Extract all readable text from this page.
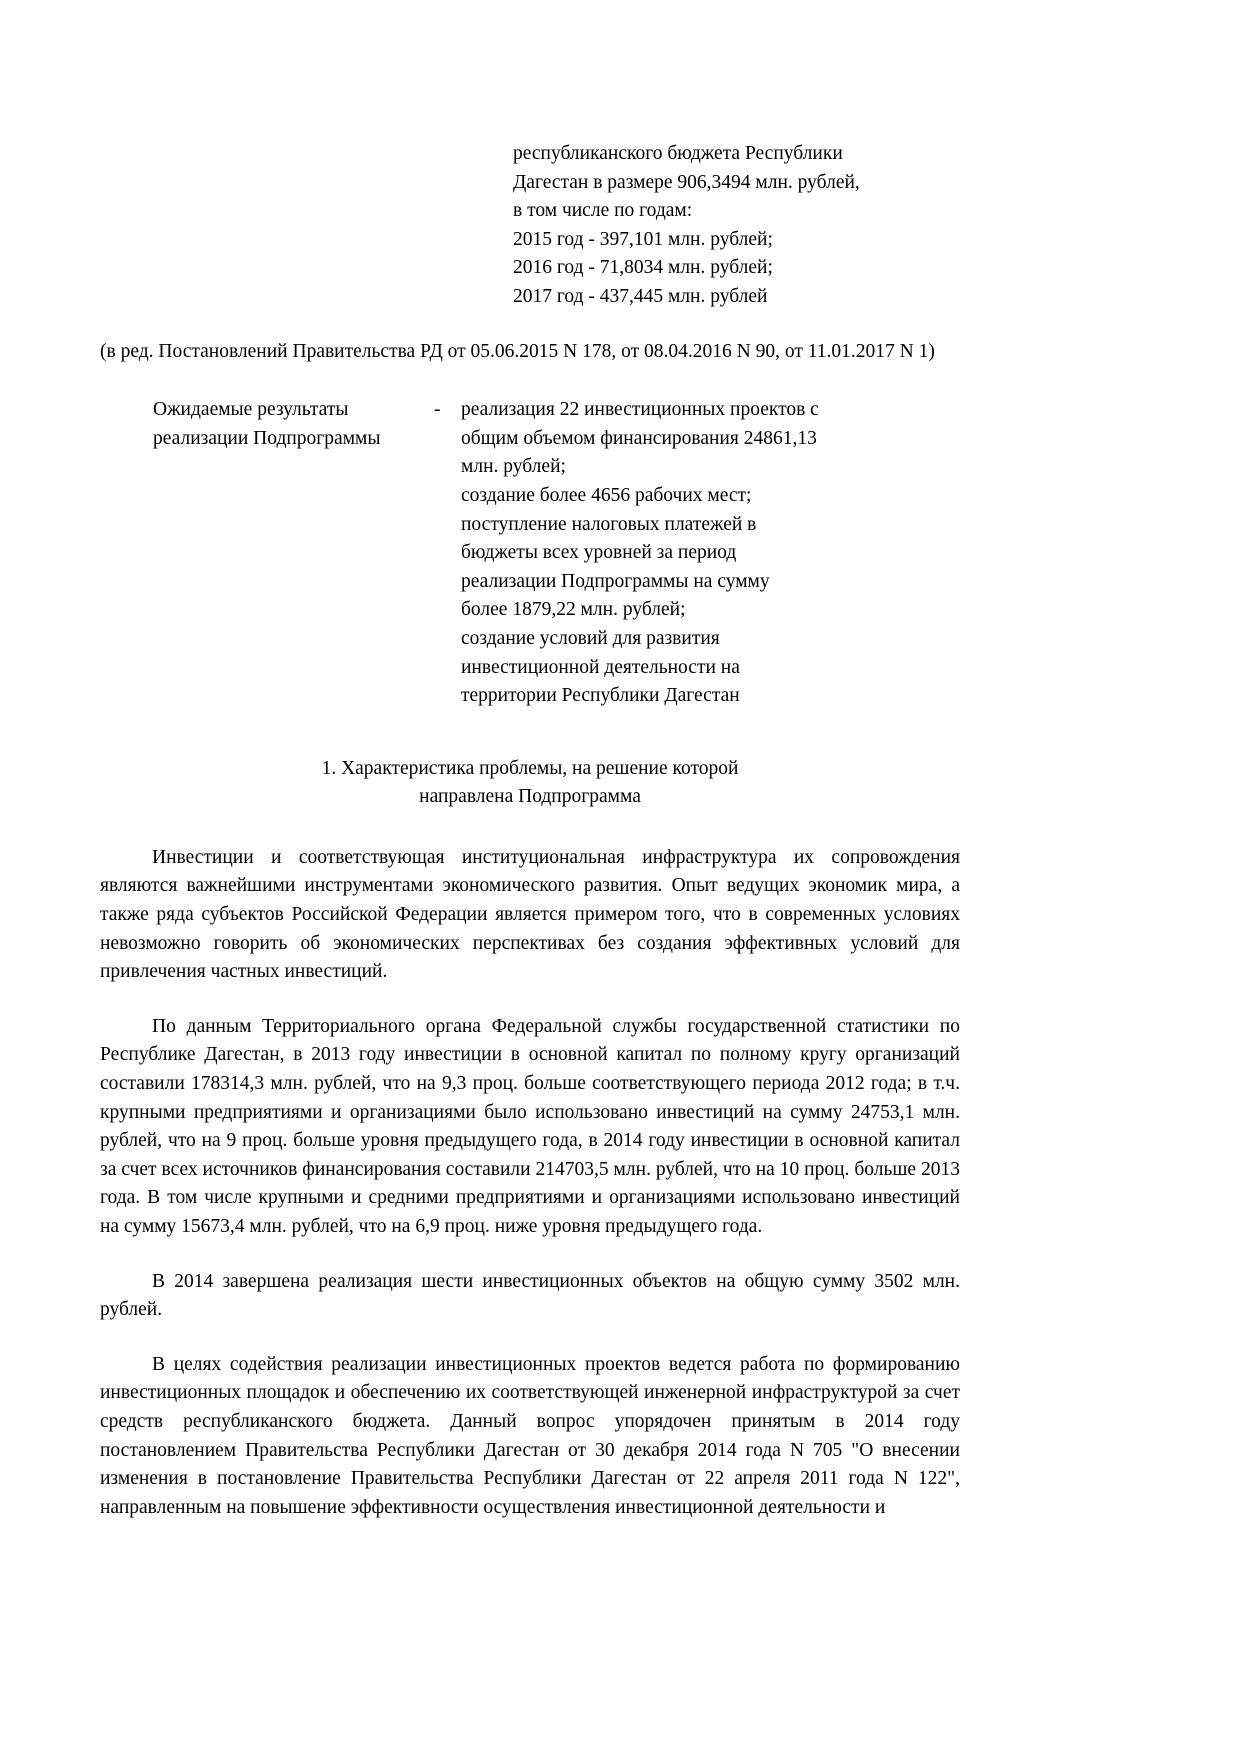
республиканского бюджета Республики
Дагестан в размере 906,3494 млн. рублей,
в том числе по годам:
2015 год - 397,101 млн. рублей;
2016 год - 71,8034 млн. рублей;
2017 год - 437,445 млн. рублей
(в ред. Постановлений Правительства РД от 05.06.2015 N 178, от 08.04.2016 N 90, от 11.01.2017 N 1)
Ожидаемые результаты
реализации Подпрограммы
-	реализация 22 инвестиционных проектов с
общим объемом финансирования 24861,13
млн. рублей;
создание более 4656 рабочих мест;
поступление налоговых платежей в
бюджеты всех уровней за период
реализации Подпрограммы на сумму
более 1879,22 млн. рублей;
создание условий для развития
инвестиционной деятельности на
территории Республики Дагестан
1. Характеристика проблемы, на решение которой
направлена Подпрограмма
Инвестиции и соответствующая институциональная инфраструктура их сопровождения являются важнейшими инструментами экономического развития. Опыт ведущих экономик мира, а также ряда субъектов Российской Федерации является примером того, что в современных условиях невозможно говорить об экономических перспективах без создания эффективных условий для привлечения частных инвестиций.
По данным Территориального органа Федеральной службы государственной статистики по Республике Дагестан, в 2013 году инвестиции в основной капитал по полному кругу организаций составили 178314,3 млн. рублей, что на 9,3 проц. больше соответствующего периода 2012 года; в т.ч. крупными предприятиями и организациями было использовано инвестиций на сумму 24753,1 млн. рублей, что на 9 проц. больше уровня предыдущего года, в 2014 году инвестиции в основной капитал за счет всех источников финансирования составили 214703,5 млн. рублей, что на 10 проц. больше 2013 года. В том числе крупными и средними предприятиями и организациями использовано инвестиций на сумму 15673,4 млн. рублей, что на 6,9 проц. ниже уровня предыдущего года.
В 2014 завершена реализация шести инвестиционных объектов на общую сумму 3502 млн. рублей.
В целях содействия реализации инвестиционных проектов ведется работа по формированию инвестиционных площадок и обеспечению их соответствующей инженерной инфраструктурой за счет средств республиканского бюджета. Данный вопрос упорядочен принятым в 2014 году постановлением Правительства Республики Дагестан от 30 декабря 2014 года N 705 "О внесении изменения в постановление Правительства Республики Дагестан от 22 апреля 2011 года N 122", направленным на повышение эффективности осуществления инвестиционной деятельности и
